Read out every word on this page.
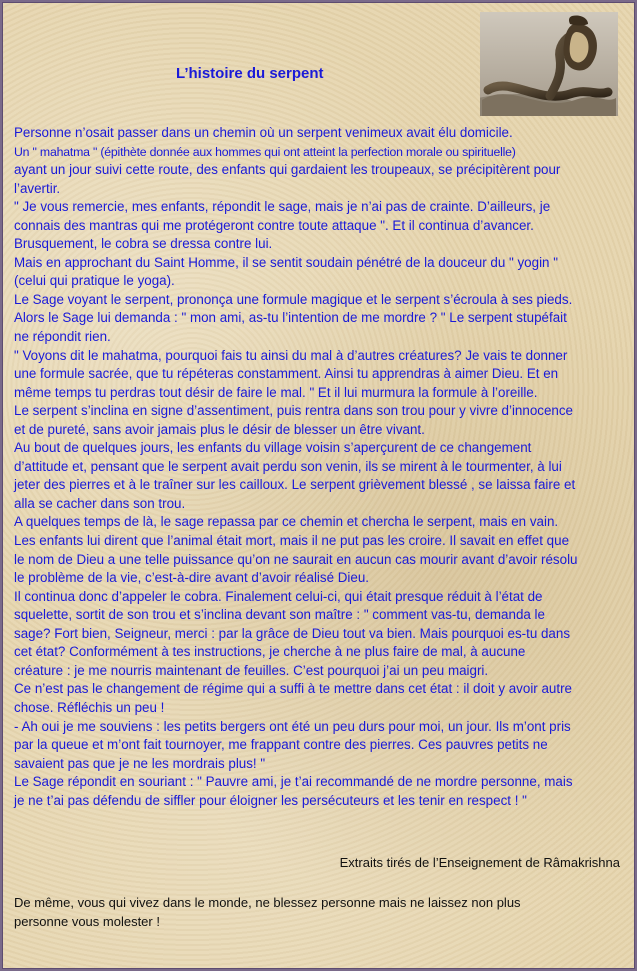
L’histoire du serpent

Personne n’osait passer dans un chemin où un serpent venimeux avait élu domicile.

Un " mahatma " (épithète donnée aux hommes qui ont atteint la perfection morale ou spirituelle)

ayant un jour suivi cette route, des enfants qui gardaient les troupeaux, se précipitèrent pour

l’avertir.

" Je vous remercie, mes enfants, répondit le sage, mais je n’ai pas de crainte. D’ailleurs, je

connais des mantras qui me protégeront contre toute attaque ". Et il continua d’avancer.

Brusquement, le cobra se dressa contre lui.

Mais en approchant du Saint Homme, il se sentit soudain pénétré de la douceur du " yogin "

(celui qui pratique le yoga).

Le Sage voyant le serpent, prononça une formule magique et le serpent s’écroula à ses pieds.

Alors le Sage lui demanda : " mon ami, as-tu l’intention de me mordre ? " Le serpent stupéfait

ne répondit rien.

" Voyons dit le mahatma, pourquoi fais tu ainsi du mal à d’autres créatures? Je vais te donner

une formule sacrée, que tu répéteras constamment. Ainsi tu apprendras à aimer Dieu. Et en

même temps tu perdras tout désir de faire le mal. " Et il lui murmura la formule à l’oreille.

Le serpent s’inclina en signe d’assentiment, puis rentra dans son trou pour y vivre d’innocence

et de pureté, sans avoir jamais plus le désir de blesser un être vivant.

Au bout de quelques jours, les enfants du village voisin s’aperçurent de ce changement

d’attitude et, pensant que le serpent avait perdu son venin, ils se mirent à le tourmenter, à lui

jeter des pierres et à le traîner sur les cailloux. Le serpent grièvement blessé , se laissa faire et

alla se cacher dans son trou.

A quelques temps de là, le sage repassa par ce chemin et chercha le serpent, mais en vain.

Les enfants lui dirent que l’animal était mort, mais il ne put pas les croire. Il savait en effet que

le nom de Dieu a une telle puissance qu’on ne saurait en aucun cas mourir avant d’avoir résolu

le problème de la vie, c’est-à-dire avant d’avoir réalisé Dieu.

Il continua donc d’appeler le cobra. Finalement celui-ci, qui était presque réduit à l’état de

squelette, sortit de son trou et s’inclina devant son maître : " comment vas-tu, demanda le

sage? Fort bien, Seigneur, merci : par la grâce de Dieu tout va bien. Mais pourquoi es-tu dans

cet état? Conformément à tes instructions, je cherche à ne plus faire de mal, à aucune

créature : je me nourris maintenant de feuilles. C’est pourquoi j’ai un peu maigri.

Ce n’est pas le changement de régime qui a suffi à te mettre dans cet état : il doit y avoir autre

chose. Réfléchis un peu !

- Ah oui je me souviens : les petits bergers ont été un peu durs pour moi, un jour. Ils m’ont pris

par la queue et m’ont fait tournoyer, me frappant contre des pierres. Ces pauvres petits ne

savaient pas que je ne les mordrais plus! "

Le Sage répondit en souriant : " Pauvre ami, je t’ai recommandé de ne mordre personne, mais

je ne t’ai pas défendu de siffler pour éloigner les persécuteurs et les tenir en respect ! "

Extraits tirés de l’Enseignement de Râmakrishna

De même, vous qui vivez dans le monde, ne blessez personne mais ne laissez non plus

personne vous molester !
